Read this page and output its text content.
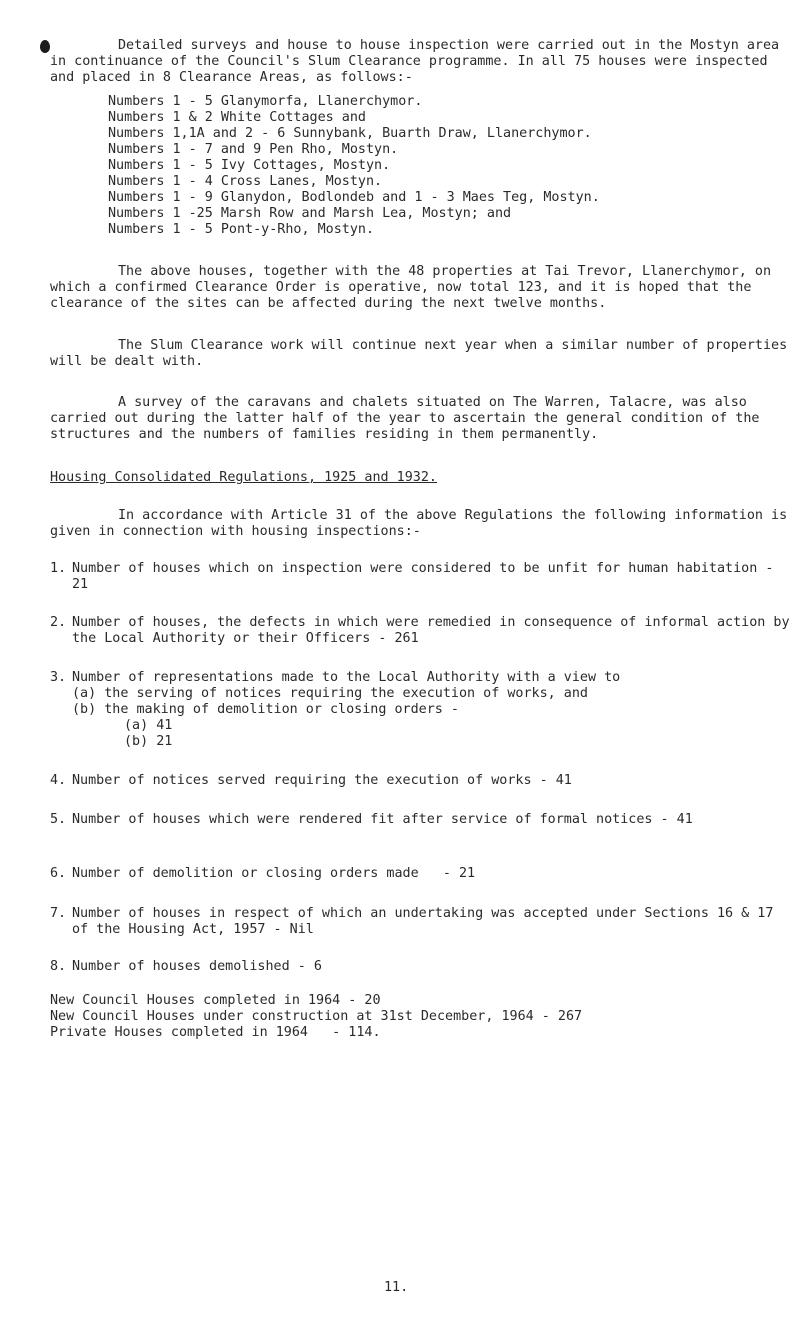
Detailed surveys and house to house inspection were carried out in the Mostyn area in continuance of the Council's Slum Clearance programme. In all 75 houses were inspected and placed in 8 Clearance Areas, as follows:-

Numbers 1 - 5 Glanymorfa, Llanerchymor.
Numbers 1 & 2 White Cottages and
Numbers 1,1A and 2 - 6 Sunnybank, Buarth Draw, Llanerchymor.
Numbers 1 - 7 and 9 Pen Rho, Mostyn.
Numbers 1 - 5 Ivy Cottages, Mostyn.
Numbers 1 - 4 Cross Lanes, Mostyn.
Numbers 1 - 9 Glanydon, Bodlondeb and 1 - 3 Maes Teg, Mostyn.
Numbers 1 -25 Marsh Row and Marsh Lea, Mostyn; and
Numbers 1 - 5 Pont-y-Rho, Mostyn.

The above houses, together with the 48 properties at Tai Trevor, Llanerchymor, on which a confirmed Clearance Order is operative, now total 123, and it is hoped that the clearance of the sites can be affected during the next twelve months.

The Slum Clearance work will continue next year when a similar number of properties will be dealt with.

A survey of the caravans and chalets situated on The Warren, Talacre, was also carried out during the latter half of the year to ascertain the general condition of the structures and the numbers of families residing in them permanently.

Housing Consolidated Regulations, 1925 and 1932.

In accordance with Article 31 of the above Regulations the following information is given in connection with housing inspections:-

1. Number of houses which on inspection were considered to be unfit for human habitation - 21
2. Number of houses, the defects in which were remedied in consequence of informal action by the Local Authority or their Officers - 261
3. Number of representations made to the Local Authority with a view to
(a) the serving of notices requiring the execution of works, and
(b) the making of demolition or closing orders -
(a) 41
(b) 21
4. Number of notices served requiring the execution of works - 41
5. Number of houses which were rendered fit after service of formal notices - 41
6. Number of demolition or closing orders made   - 21
7. Number of houses in respect of which an undertaking was accepted under Sections 16 & 17 of the Housing Act, 1957 - Nil
8. Number of houses demolished - 6
New Council Houses completed in 1964 - 20
New Council Houses under construction at 31st December, 1964 - 267
Private Houses completed in 1964   - 114.
11.
